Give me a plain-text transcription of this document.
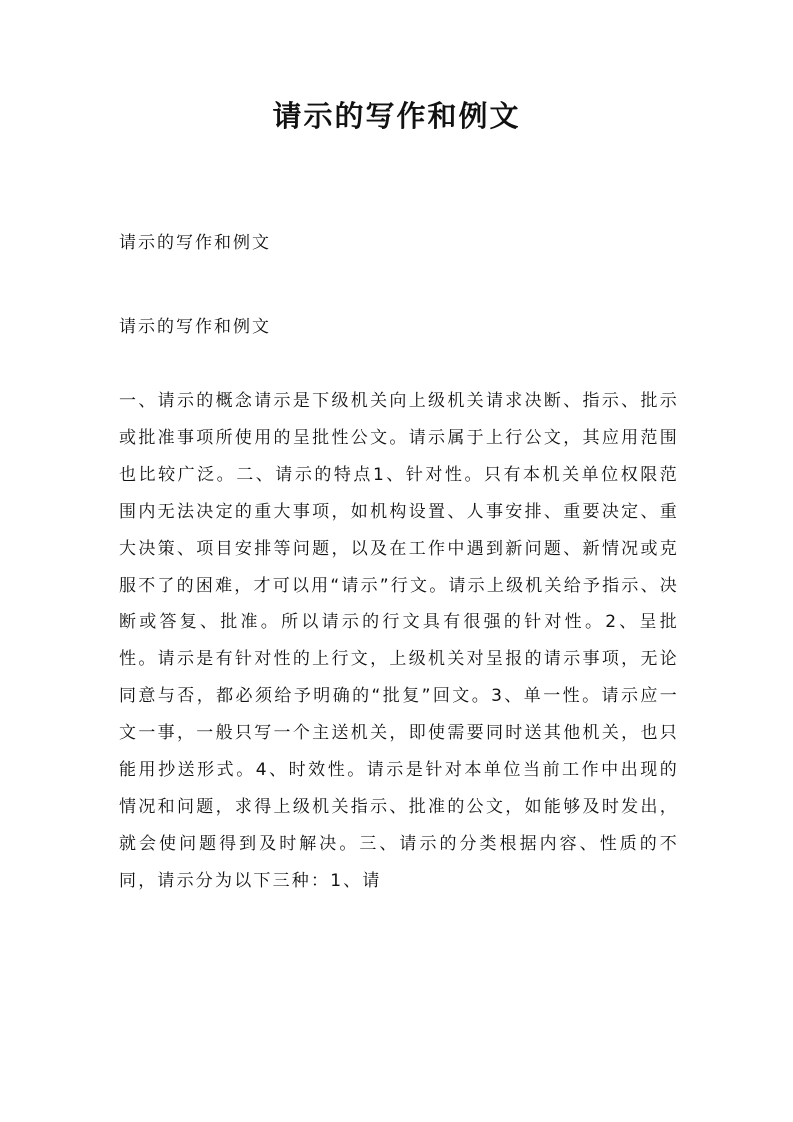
请示的写作和例文

请示的写作和例文

请示的写作和例文

一、请示的概念请示是下级机关向上级机关请求决断、指示、批示或批准事项所使用的呈批性公文。请示属于上行公文，其应用范围也比较广泛。二、请示的特点1、针对性。只有本机关单位权限范围内无法决定的重大事项，如机构设置、人事安排、重要决定、重大决策、项目安排等问题，以及在工作中遇到新问题、新情况或克服不了的困难，才可以用“请示”行文。请示上级机关给予指示、决断或答复、批准。所以请示的行文具有很强的针对性。2、呈批性。请示是有针对性的上行文，上级机关对呈报的请示事项，无论同意与否，都必须给予明确的“批复”回文。3、单一性。请示应一文一事，一般只写一个主送机关，即使需要同时送其他机关，也只能用抄送形式。4、时效性。请示是针对本单位当前工作中出现的情况和问题，求得上级机关指示、批准的公文，如能够及时发出，就会使问题得到及时解决。三、请示的分类根据内容、性质的不同，请示分为以下三种：1、请
